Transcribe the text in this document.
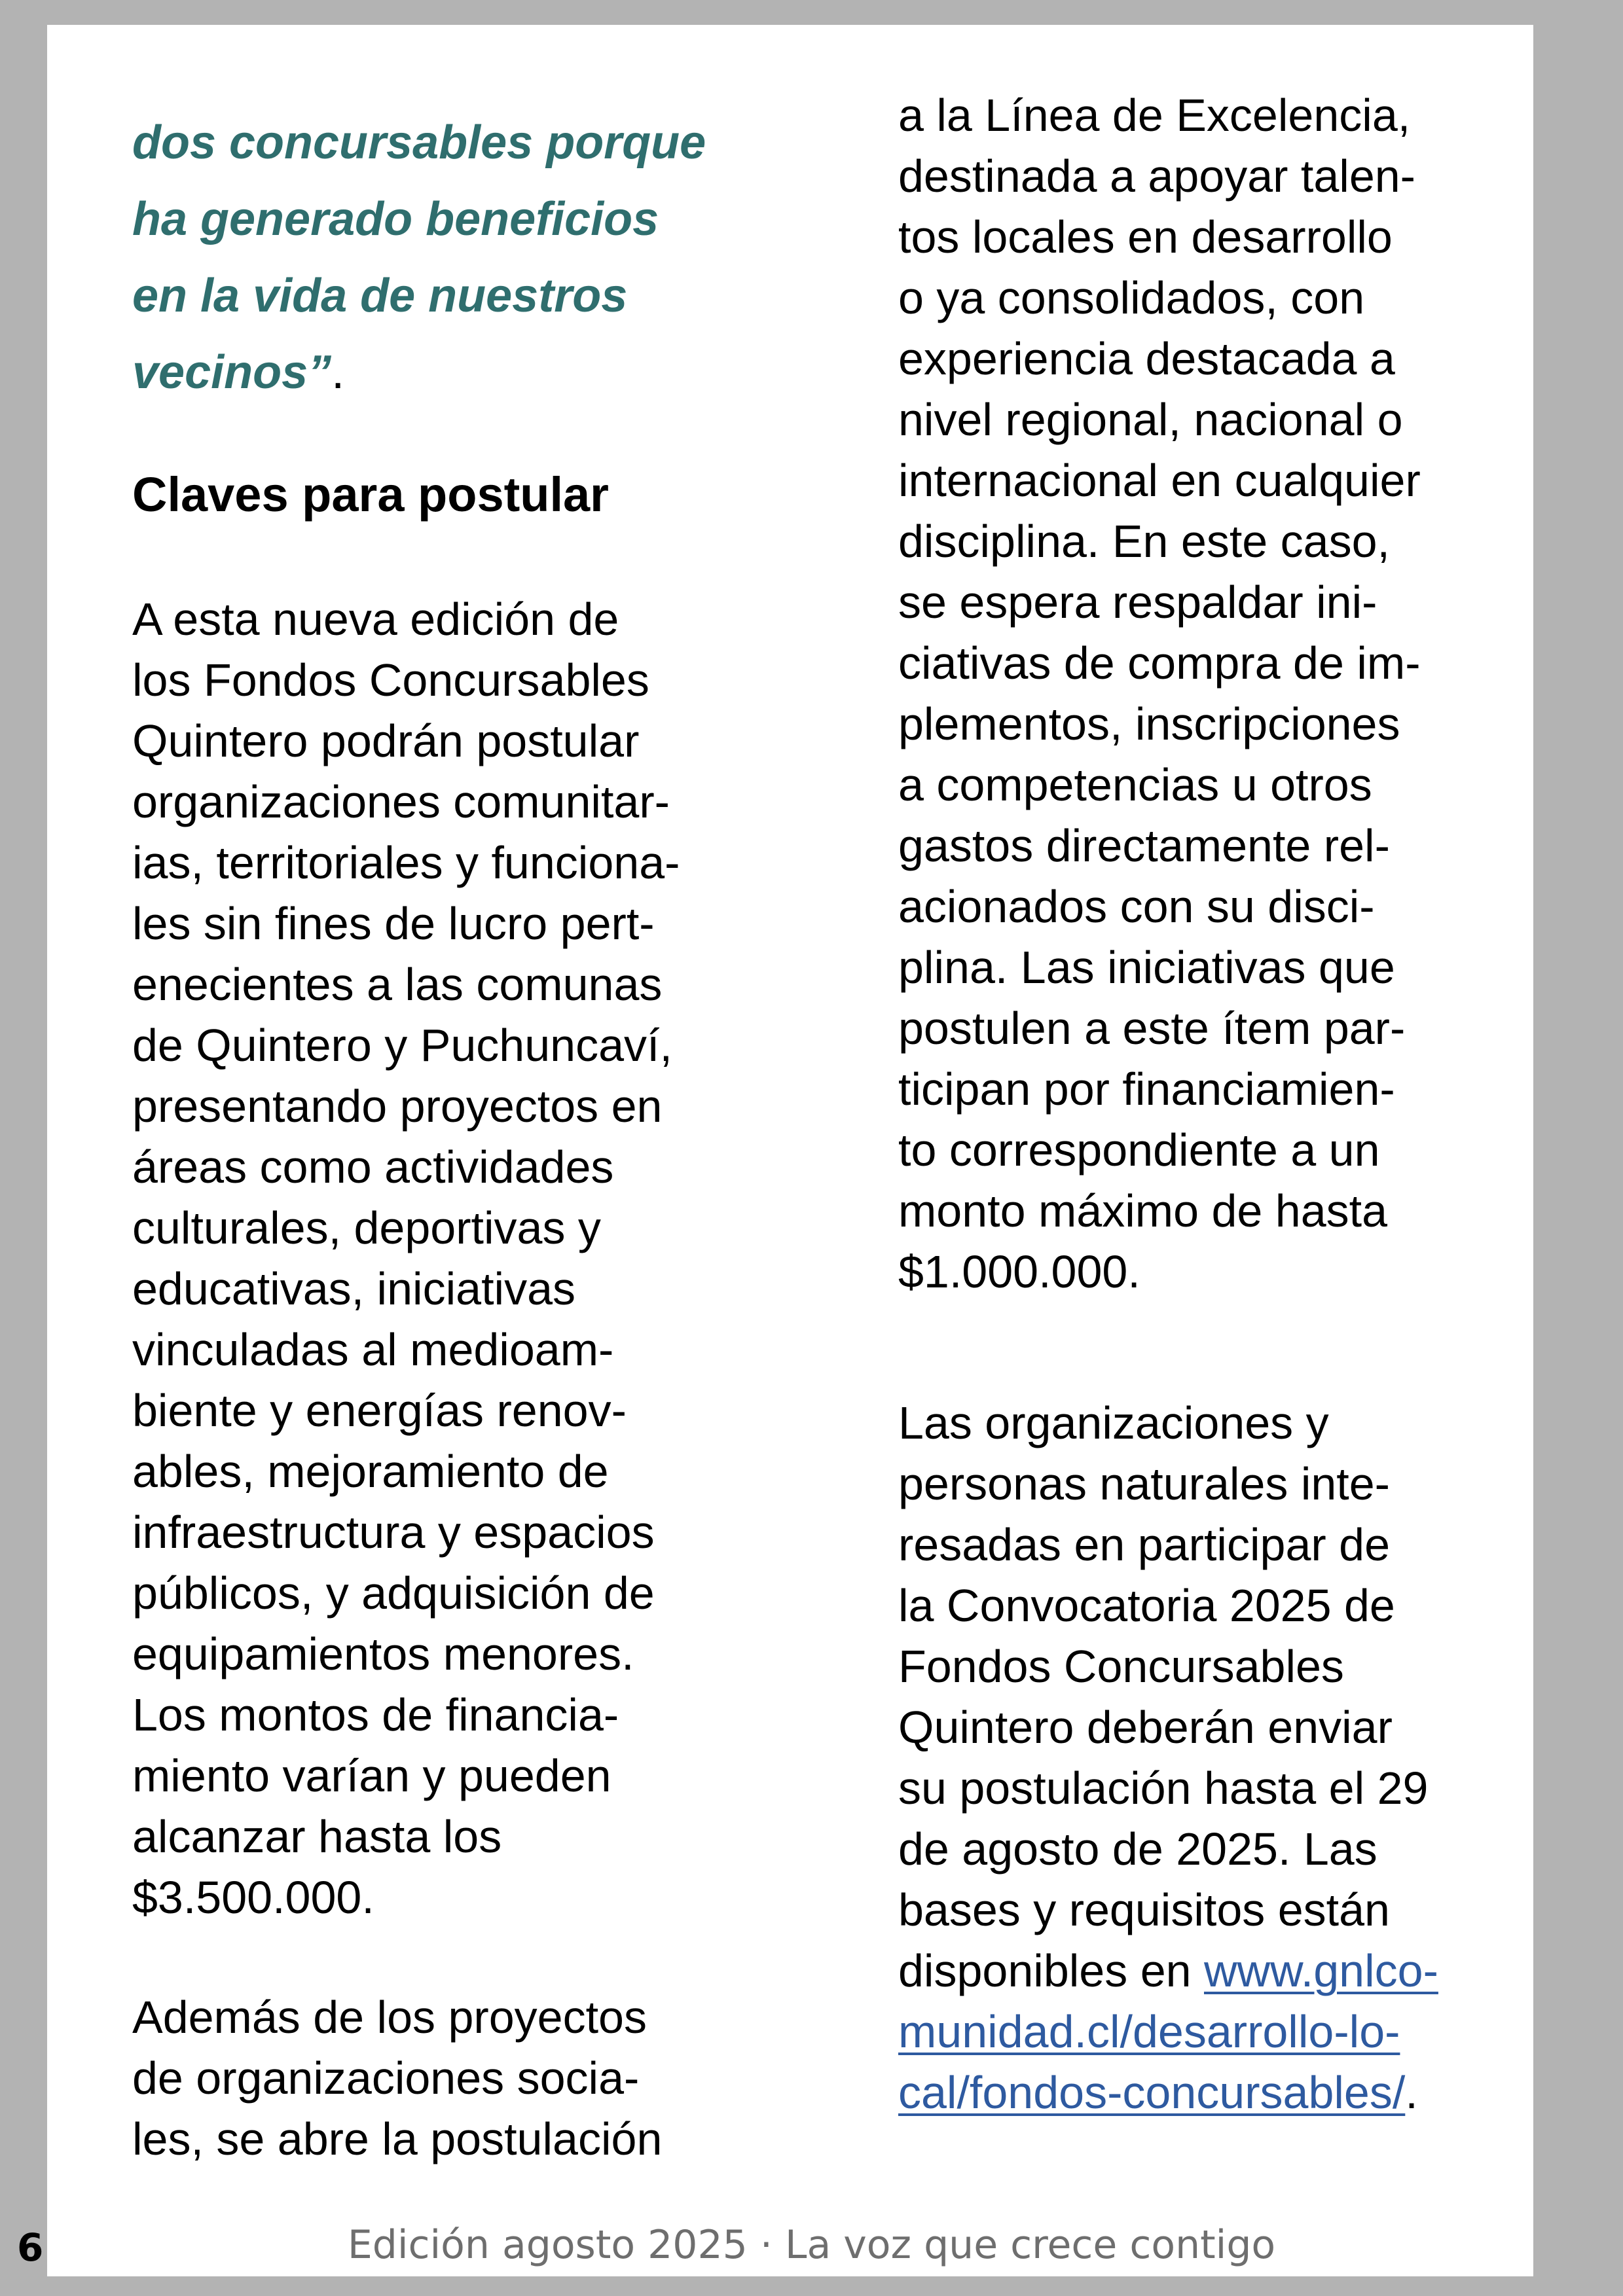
dos concursables porque
ha generado beneficios
en la vida de nuestros
vecinos”.
Claves para postular
A esta nueva edición de
los Fondos Concursables
Quintero podrán postular
organizaciones comunitar-
ias, territoriales y funciona-
les sin fines de lucro pert-
enecientes a las comunas
de Quintero y Puchuncaví,
presentando proyectos en
áreas como actividades
culturales, deportivas y
educativas, iniciativas
vinculadas al medioam-
biente y energías renov-
ables, mejoramiento de
infraestructura y espacios
públicos, y adquisición de
equipamientos menores.
Los montos de financia-
miento varían y pueden
alcanzar hasta los
$3.500.000.
Además de los proyectos
de organizaciones socia-
les, se abre la postulación
a la Línea de Excelencia,
destinada a apoyar talen-
tos locales en desarrollo
o ya consolidados, con
experiencia destacada a
nivel regional, nacional o
internacional en cualquier
disciplina. En este caso,
se espera respaldar ini-
ciativas de compra de im-
plementos, inscripciones
a competencias u otros
gastos directamente rel-
acionados con su disci-
plina. Las iniciativas que
postulen a este ítem par-
ticipan por financiamien-
to correspondiente a un
monto máximo de hasta
$1.000.000.
Las organizaciones y
personas naturales inte-
resadas en participar de
la Convocatoria 2025 de
Fondos Concursables
Quintero deberán enviar
su postulación hasta el 29
de agosto de 2025. Las
bases y requisitos están
disponibles en www.gnlco-
munidad.cl/desarrollo-lo-
cal/fondos-concursables/.
6	Edición agosto 2025 · La voz que crece contigo
